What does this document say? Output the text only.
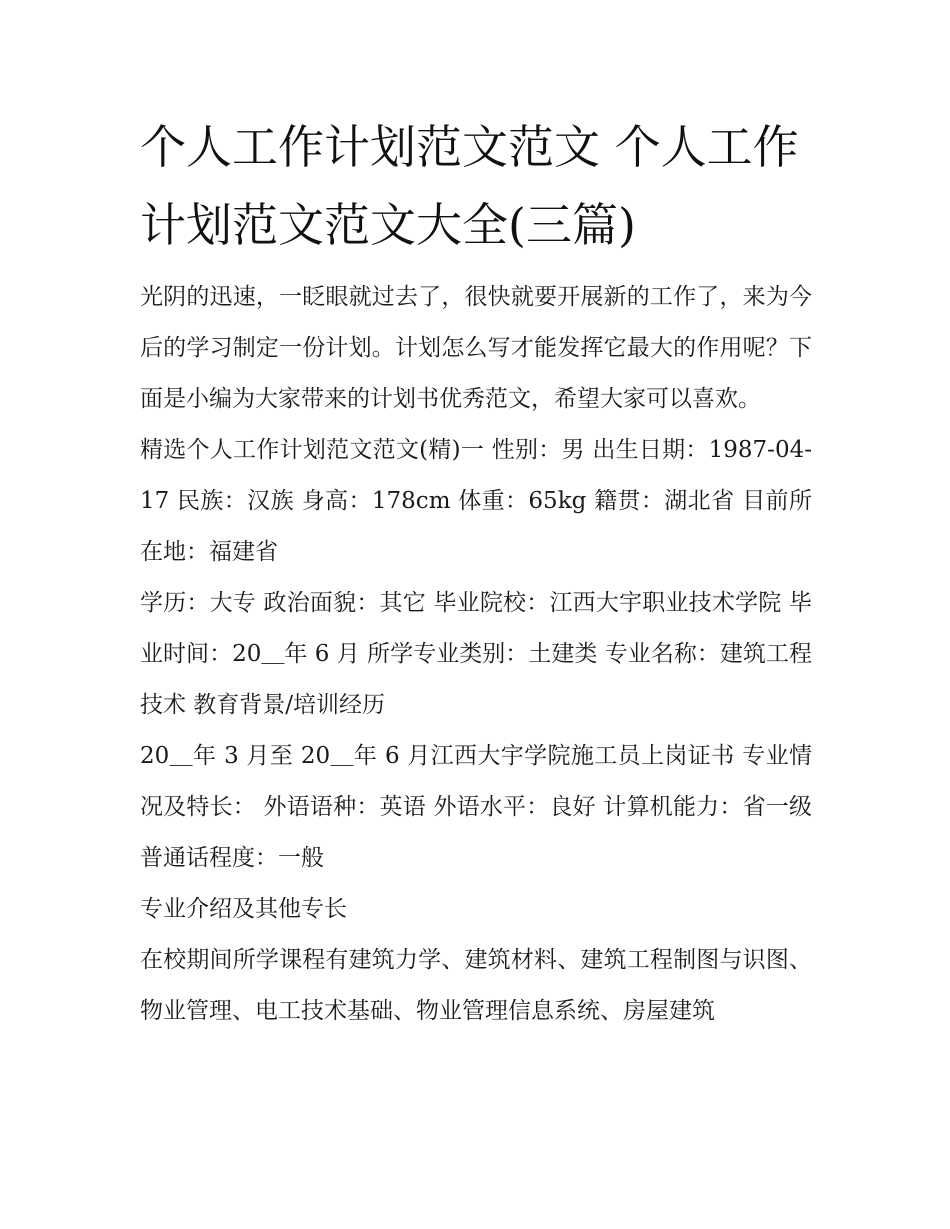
个人工作计划范文范文 个人工作计划范文范文大全(三篇)

光阴的迅速，一眨眼就过去了，很快就要开展新的工作了，来为今后的学习制定一份计划。计划怎么写才能发挥它最大的作用呢？下面是小编为大家带来的计划书优秀范文，希望大家可以喜欢。

精选个人工作计划范文范文(精)一 性别：男 出生日期：1987-04-17 民族：汉族 身高：178cm 体重：65kg 籍贯：湖北省 目前所在地：福建省

学历：大专 政治面貌：其它 毕业院校：江西大宇职业技术学院 毕业时间：20＿年 6 月 所学专业类别：土建类 专业名称：建筑工程技术 教育背景/培训经历

20＿年 3 月至 20＿年 6 月江西大宇学院施工员上岗证书 专业情况及特长： 外语语种：英语 外语水平：良好 计算机能力：省一级 普通话程度：一般

专业介绍及其他专长

在校期间所学课程有建筑力学、建筑材料、建筑工程制图与识图、物业管理、电工技术基础、物业管理信息系统、房屋建筑
